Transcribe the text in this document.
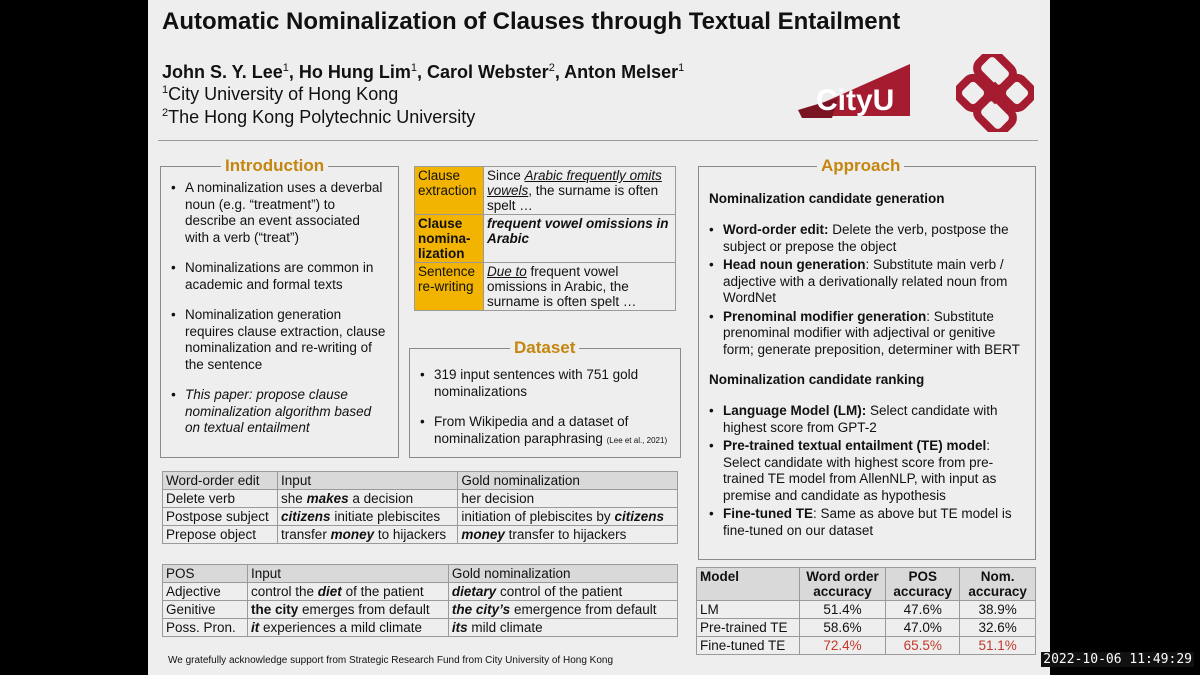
Automatic Nominalization of Clauses through Textual Entailment
John S. Y. Lee$^1$, Ho Hung Lim$^1$, Carol Webster$^2$, Anton Melser$^1$
$^1$City University of Hong Kong
$^2$The Hong Kong Polytechnic University	CityU
Introduction
• A nominalization uses a deverbal noun (e.g. “treatment”) to describe an event associated with a verb (“treat”)
• Nominalizations are common in academic and formal texts
• Nominalization generation requires clause extraction, clause nominalization and re-writing of the sentence
• This paper: propose clause nominalization algorithm based on textual entailment
Clause extraction	Since Arabic frequently omits vowels, the surname is often spelt …
Clause nomina-lization	frequent vowel omissions in Arabic
Sentence re-writing	Due to frequent vowel omissions in Arabic, the surname is often spelt …
Dataset
• 319 input sentences with 751 gold nominalizations
• From Wikipedia and a dataset of nominalization paraphrasing (Lee et al., 2021)
Word-order edit	Input	Gold nominalization
Delete verb	she makes a decision	her decision
Postpose subject	citizens initiate plebiscites	initiation of plebiscites by citizens
Prepose object	transfer money to hijackers	money transfer to hijackers
POS	Input	Gold nominalization
Adjective	control the diet of the patient	dietary control of the patient
Genitive	the city emerges from default	the city’s emergence from default
Poss. Pron.	it experiences a mild climate	its mild climate
Approach
Nominalization candidate generation
• Word-order edit: Delete the verb, postpose the subject or prepose the object
• Head noun generation: Substitute main verb / adjective with a derivationally related noun from WordNet
• Prenominal modifier generation: Substitute prenominal modifier with adjectival or genitive form; generate preposition, determiner with BERT
Nominalization candidate ranking
• Language Model (LM): Select candidate with highest score from GPT-2
• Pre-trained textual entailment (TE) model: Select candidate with highest score from pre-trained TE model from AllenNLP, with input as premise and candidate as hypothesis
• Fine-tuned TE: Same as above but TE model is fine-tuned on our dataset
Model	Word order accuracy	POS accuracy	Nom. accuracy
LM	51.4%	47.6%	38.9%
Pre-trained TE	58.6%	47.0%	32.6%
Fine-tuned TE	72.4%	65.5%	51.1%
We gratefully acknowledge support from Strategic Research Fund from City University of Hong Kong	2022-10-06 11:49:29
